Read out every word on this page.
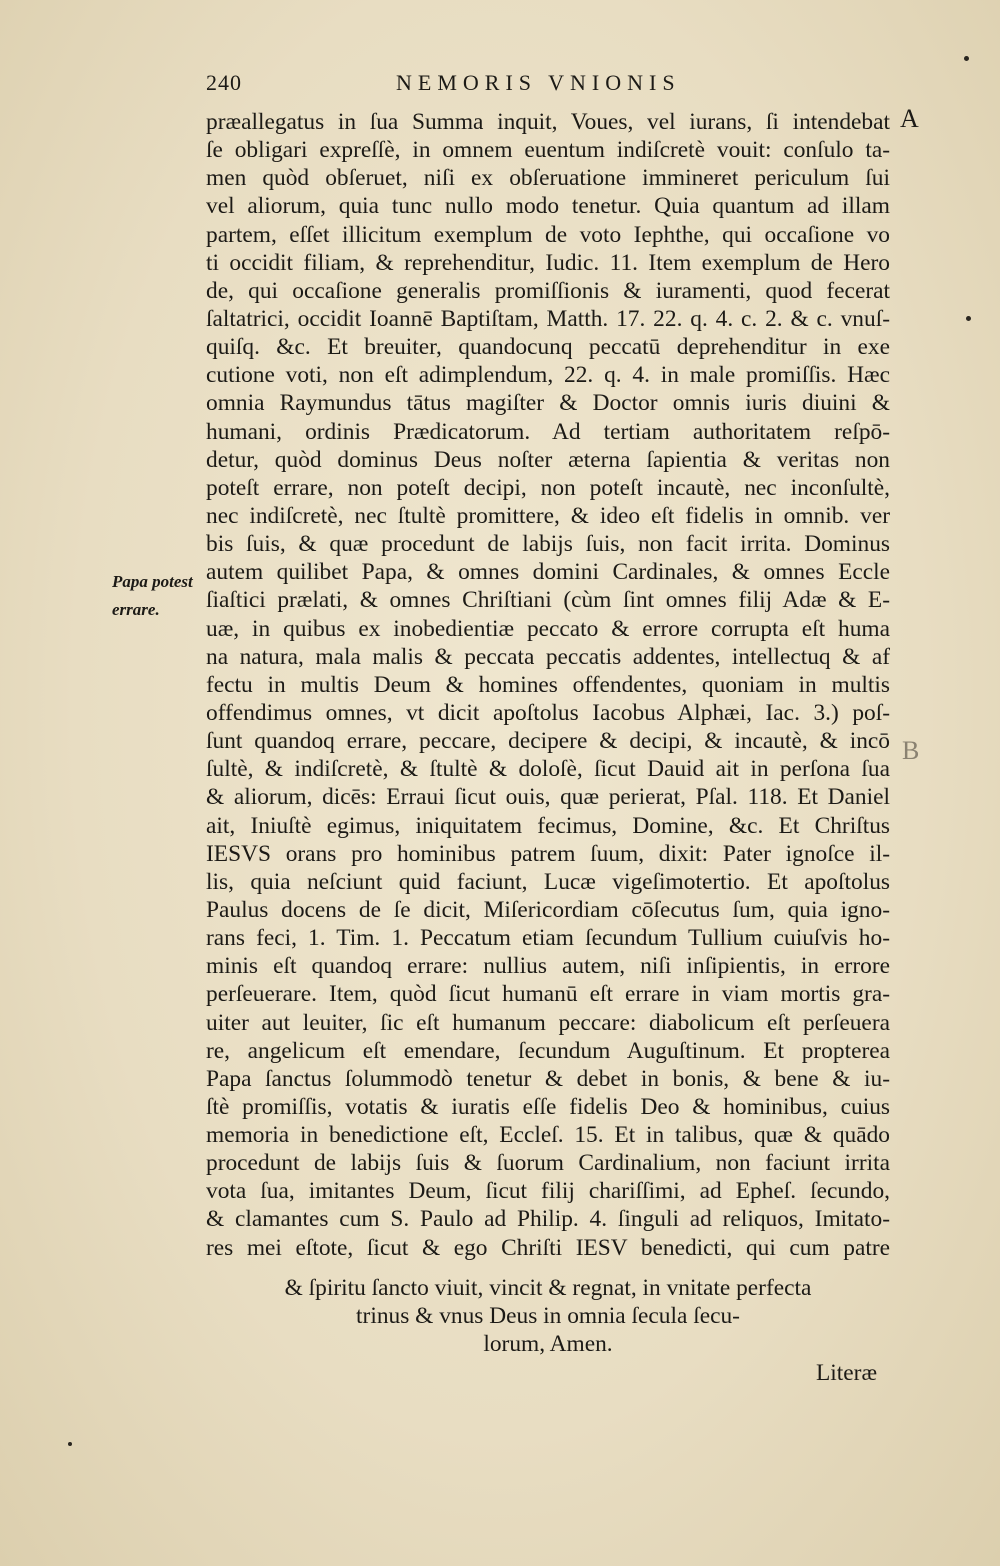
240	NEMORIS VNIONIS
A
B
Papa potest
errare.
præallegatus in ſua Summa inquit, Voues, vel iurans, ſi intendebat
ſe obligari expreſſè, in omnem euentum indiſcretè vouit: conſulo ta-
men quòd obſeruet, niſi ex obſeruatione immineret periculum ſui
vel aliorum, quia tunc nullo modo tenetur. Quia quantum ad illam
partem, eſſet illicitum exemplum de voto Iephthe, qui occaſione vo
ti occidit filiam, & reprehenditur, Iudic. 11. Item exemplum de Hero
de, qui occaſione generalis promiſſionis & iuramenti, quod fecerat
ſaltatrici, occidit Ioannē Baptiſtam, Matth. 17. 22. q. 4. c. 2. & c. vnuſ-
quiſq. &c. Et breuiter, quandocunq peccatū deprehenditur in exe
cutione voti, non eſt adimplendum, 22. q. 4. in male promiſſis. Hæc
omnia Raymundus tātus magiſter & Doctor omnis iuris diuini &
humani, ordinis Prædicatorum. Ad tertiam authoritatem reſpō-
detur, quòd dominus Deus noſter æterna ſapientia & veritas non
poteſt errare, non poteſt decipi, non poteſt incautè, nec inconſultè,
nec indiſcretè, nec ſtultè promittere, & ideo eſt fidelis in omnib. ver
bis ſuis, & quæ procedunt de labijs ſuis, non facit irrita. Dominus
autem quilibet Papa, & omnes domini Cardinales, & omnes Eccle
ſiaſtici prælati, & omnes Chriſtiani (cùm ſint omnes filij Adæ & E-
uæ, in quibus ex inobedientiæ peccato & errore corrupta eſt huma
na natura, mala malis & peccata peccatis addentes, intellectuq & af
fectu in multis Deum & homines offendentes, quoniam in multis
offendimus omnes, vt dicit apoſtolus Iacobus Alphæi, Iac. 3.) poſ-
ſunt quandoq errare, peccare, decipere & decipi, & incautè, & incō
ſultè, & indiſcretè, & ſtultè & doloſè, ſicut Dauid ait in perſona ſua
& aliorum, dicēs: Erraui ſicut ouis, quæ perierat, Pſal. 118. Et Daniel
ait, Iniuſtè egimus, iniquitatem fecimus, Domine, &c. Et Chriſtus
IESVS orans pro hominibus patrem ſuum, dixit: Pater ignoſce il-
lis, quia neſciunt quid faciunt, Lucæ vigeſimotertio. Et apoſtolus
Paulus docens de ſe dicit, Miſericordiam cōſecutus ſum, quia igno-
rans feci, 1. Tim. 1. Peccatum etiam ſecundum Tullium cuiuſvis ho-
minis eſt quandoq errare: nullius autem, niſi inſipientis, in errore
perſeuerare. Item, quòd ſicut humanū eſt errare in viam mortis gra-
uiter aut leuiter, ſic eſt humanum peccare: diabolicum eſt perſeuera
re, angelicum eſt emendare, ſecundum Auguſtinum. Et propterea
Papa ſanctus ſolummodò tenetur & debet in bonis, & bene & iu-
ſtè promiſſis, votatis & iuratis eſſe fidelis Deo & hominibus, cuius
memoria in benedictione eſt, Eccleſ. 15. Et in talibus, quæ & quādo
procedunt de labijs ſuis & ſuorum Cardinalium, non faciunt irrita
vota ſua, imitantes Deum, ſicut filij chariſſimi, ad Epheſ. ſecundo,
& clamantes cum S. Paulo ad Philip. 4. ſinguli ad reliquos, Imitato-
res mei eſtote, ſicut & ego Chriſti IESV benedicti, qui cum patre
& ſpiritu ſancto viuit, vincit & regnat, in vnitate perfecta
trinus & vnus Deus in omnia ſecula ſecu-
lorum, Amen.
Literæ
